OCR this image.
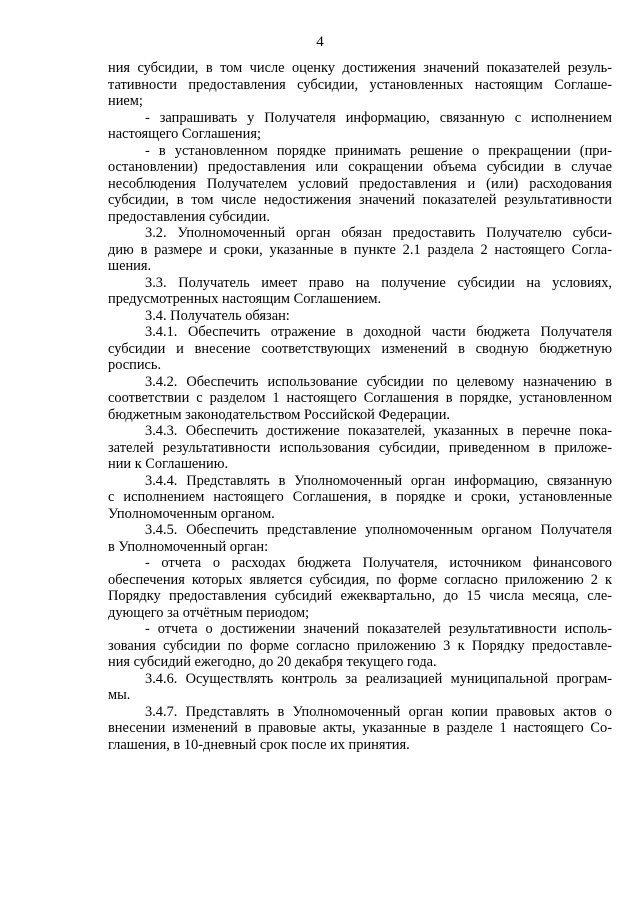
4

ния субсидии, в том числе оценку достижения значений показателей резуль-
тативности предоставления субсидии, установленных настоящим Соглаше-
нием;

- запрашивать у Получателя информацию, связанную с исполнением
настоящего Соглашения;

- в установленном порядке принимать решение о прекращении (при-
остановлении) предоставления или сокращении объема субсидии в случае
несоблюдения Получателем условий предоставления и (или) расходования
субсидии, в том числе недостижения значений показателей результативности
предоставления субсидии.

3.2. Уполномоченный орган обязан предоставить Получателю субси-
дию в размере и сроки, указанные в пункте 2.1 раздела 2 настоящего Согла-
шения.

3.3. Получатель имеет право на получение субсидии на условиях,
предусмотренных настоящим Соглашением.

3.4. Получатель обязан:

3.4.1. Обеспечить отражение в доходной части бюджета Получателя
субсидии и внесение соответствующих изменений в сводную бюджетную
роспись.

3.4.2. Обеспечить использование субсидии по целевому назначению в
соответствии с разделом 1 настоящего Соглашения в порядке, установленном
бюджетным законодательством Российской Федерации.

3.4.3. Обеспечить достижение показателей, указанных в перечне пока-
зателей результативности использования субсидии, приведенном в приложе-
нии к Соглашению.

3.4.4. Представлять в Уполномоченный орган информацию, связанную
с исполнением настоящего Соглашения, в порядке и сроки, установленные
Уполномоченным органом.

3.4.5. Обеспечить представление уполномоченным органом Получателя
в Уполномоченный орган:

- отчета о расходах бюджета Получателя, источником финансового
обеспечения которых является субсидия, по форме согласно приложению 2 к
Порядку предоставления субсидий ежеквартально, до 15 числа месяца, сле-
дующего за отчётным периодом;

- отчета о достижении значений показателей результативности исполь-
зования субсидии по форме согласно приложению 3 к Порядку предоставле-
ния субсидий ежегодно, до 20 декабря текущего года.

3.4.6. Осуществлять контроль за реализацией муниципальной програм-
мы.

3.4.7. Представлять в Уполномоченный орган копии правовых актов о
внесении изменений в правовые акты, указанные в разделе 1 настоящего Со-
глашения, в 10-дневный срок после их принятия.
